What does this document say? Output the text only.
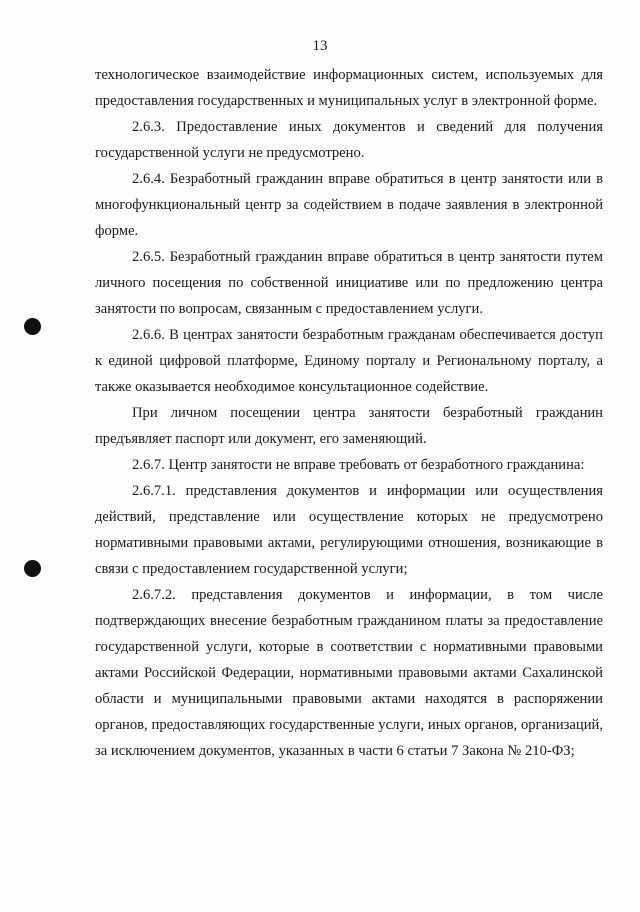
13

технологическое взаимодействие информационных систем, используемых для предоставления государственных и муниципальных услуг в электронной форме.

2.6.3. Предоставление иных документов и сведений для получения государственной услуги не предусмотрено.

2.6.4. Безработный гражданин вправе обратиться в центр занятости или в многофункциональный центр за содействием в подаче заявления в электронной форме.

2.6.5. Безработный гражданин вправе обратиться в центр занятости путем личного посещения по собственной инициативе или по предложению центра занятости по вопросам, связанным с предоставлением услуги.

2.6.6. В центрах занятости безработным гражданам обеспечивается доступ к единой цифровой платформе, Единому порталу и Региональному порталу, а также оказывается необходимое консультационное содействие.

При личном посещении центра занятости безработный гражданин предъявляет паспорт или документ, его заменяющий.

2.6.7. Центр занятости не вправе требовать от безработного гражданина:

2.6.7.1. представления документов и информации или осуществления действий, представление или осуществление которых не предусмотрено нормативными правовыми актами, регулирующими отношения, возникающие в связи с предоставлением государственной услуги;

2.6.7.2. представления документов и информации, в том числе подтверждающих внесение безработным гражданином платы за предоставление государственной услуги, которые в соответствии с нормативными правовыми актами Российской Федерации, нормативными правовыми актами Сахалинской области и муниципальными правовыми актами находятся в распоряжении органов, предоставляющих государственные услуги, иных органов, организаций, за исключением документов, указанных в части 6 статьи 7 Закона № 210-ФЗ;
